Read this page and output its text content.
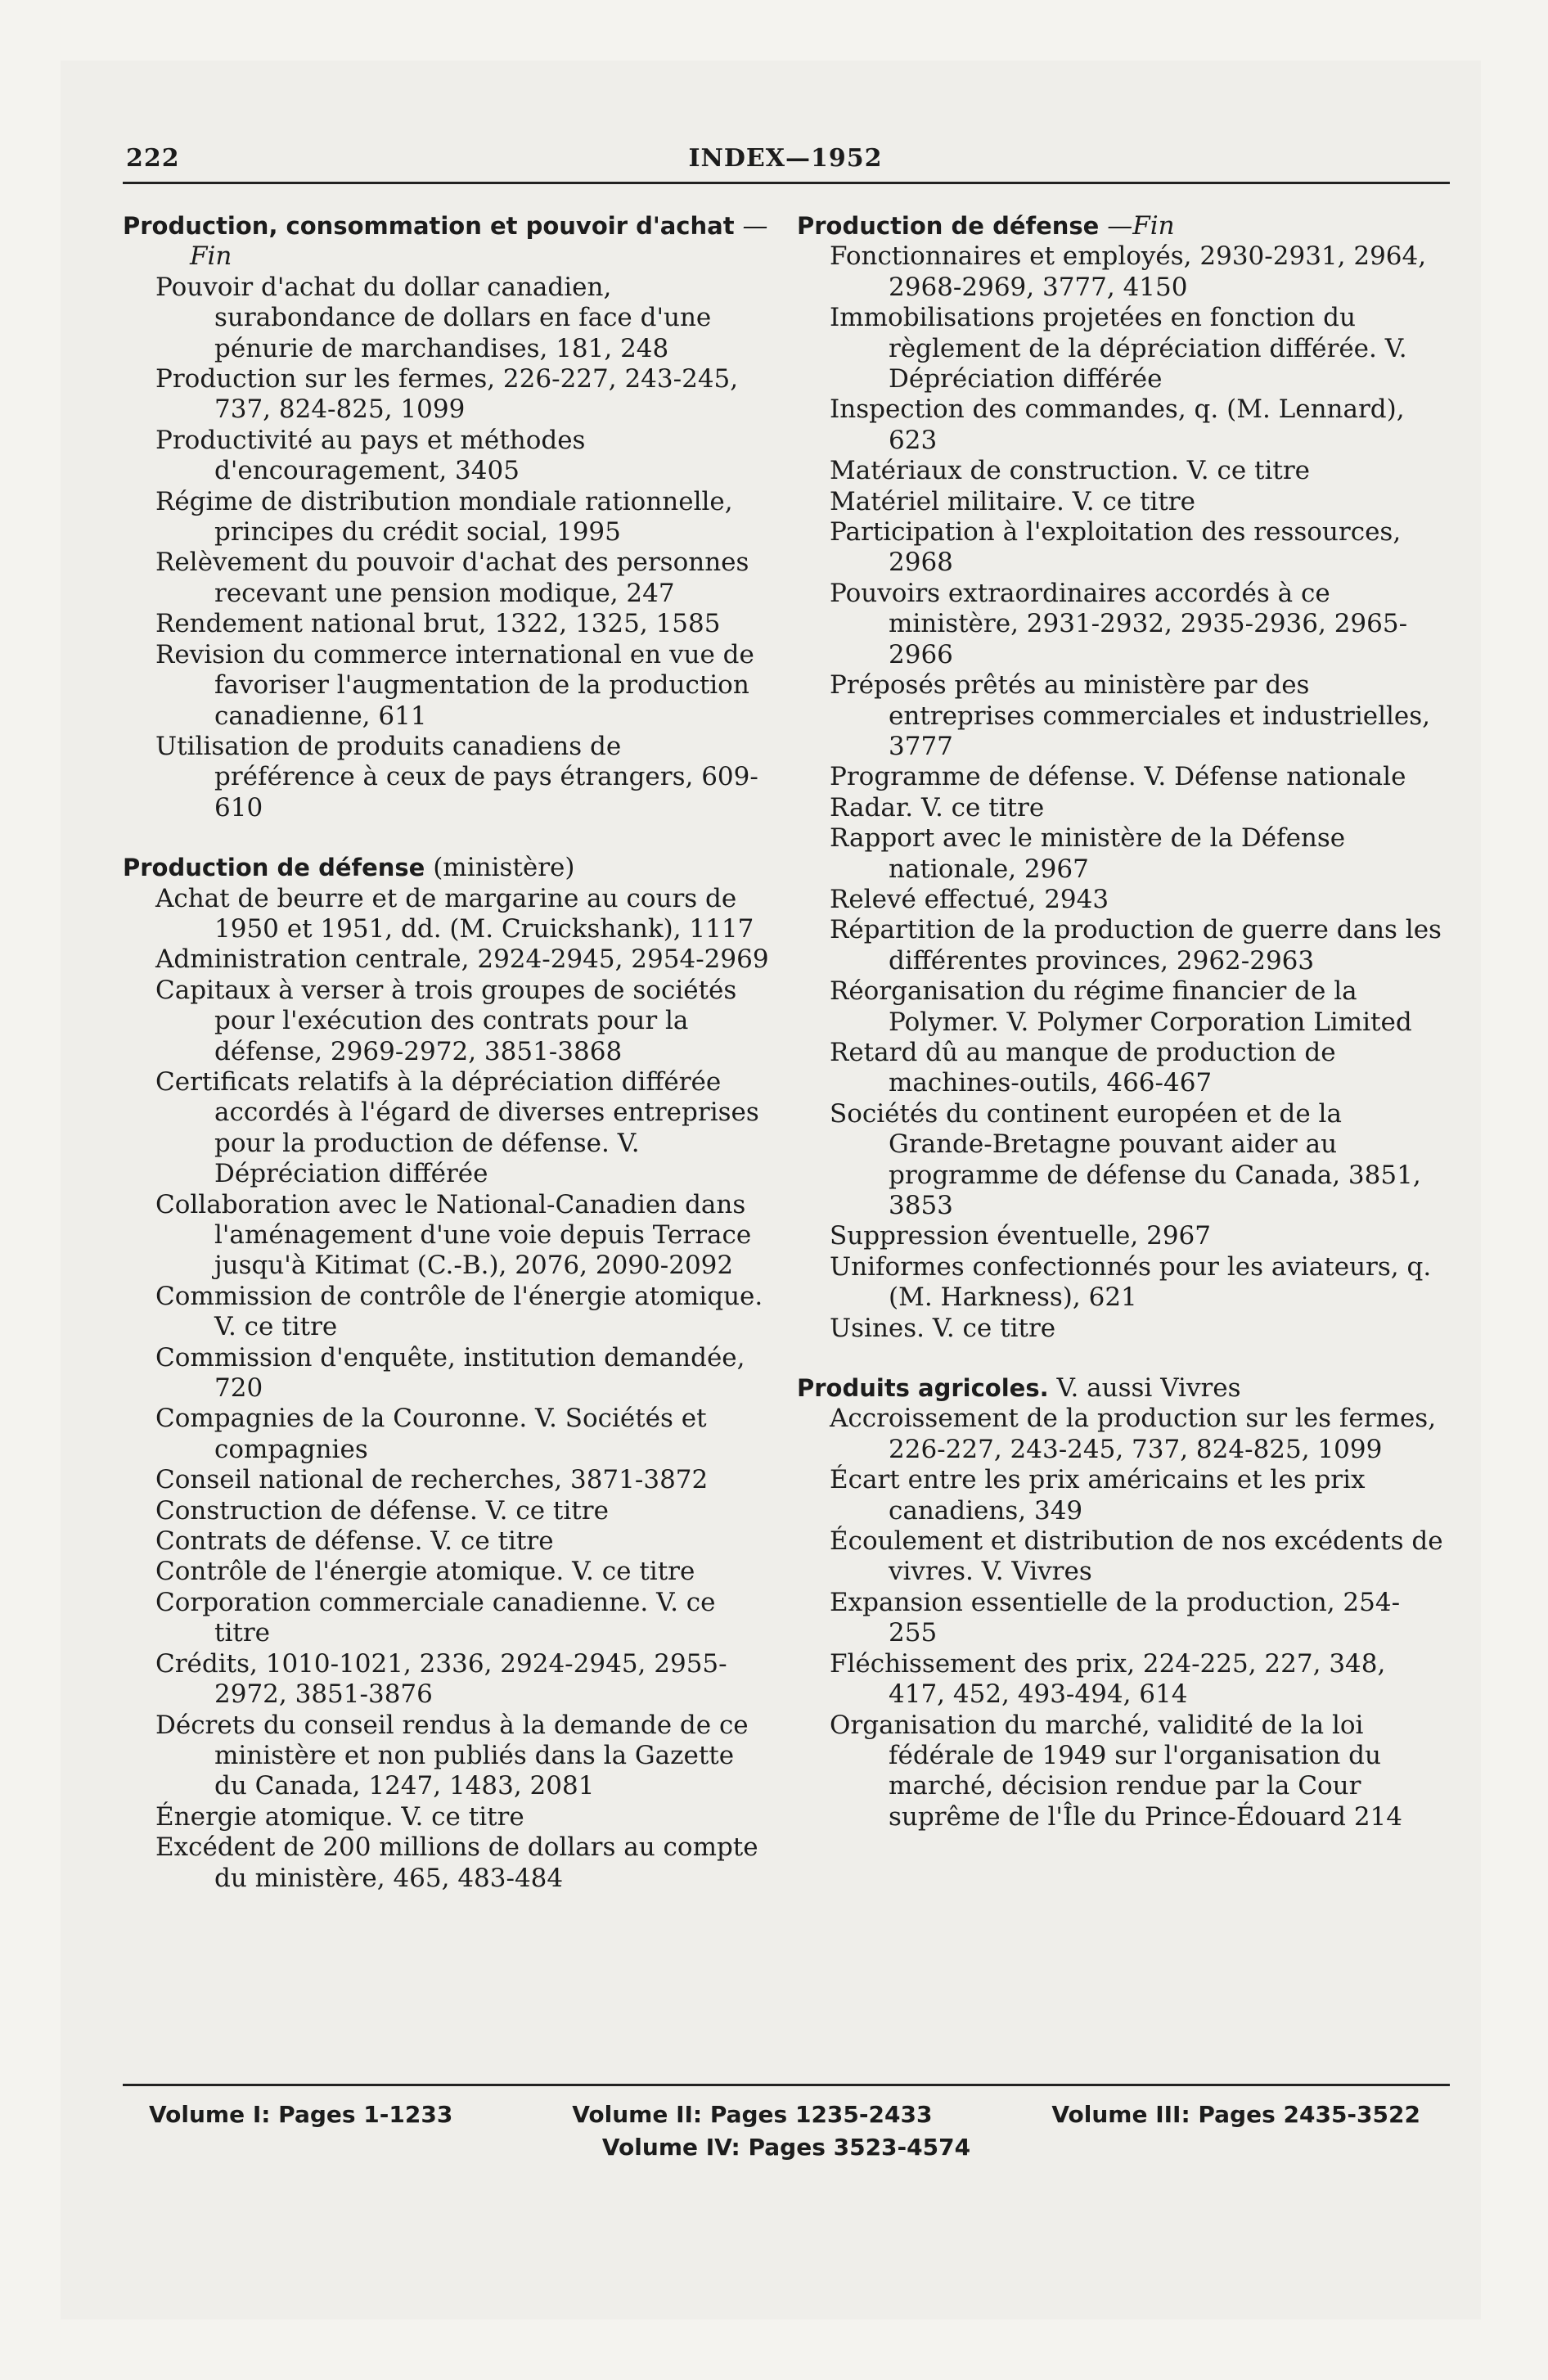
222	INDEX—1952

Production, consommation et pouvoir d'achat —Fin

Pouvoir d'achat du dollar canadien, surabondance de dollars en face d'une pénurie de marchandises, 181, 248

Production sur les fermes, 226-227, 243-245, 737, 824-825, 1099

Productivité au pays et méthodes d'encouragement, 3405

Régime de distribution mondiale rationnelle, principes du crédit social, 1995

Relèvement du pouvoir d'achat des personnes recevant une pension modique, 247

Rendement national brut, 1322, 1325, 1585

Revision du commerce international en vue de favoriser l'augmentation de la production canadienne, 611

Utilisation de produits canadiens de préférence à ceux de pays étrangers, 609-610

Production de défense (ministère)

Achat de beurre et de margarine au cours de 1950 et 1951, dd. (M. Cruickshank), 1117

Administration centrale, 2924-2945, 2954-2969

Capitaux à verser à trois groupes de sociétés pour l'exécution des contrats pour la défense, 2969-2972, 3851-3868

Certificats relatifs à la dépréciation différée accordés à l'égard de diverses entreprises pour la production de défense. V. Dépréciation différée

Collaboration avec le National-Canadien dans l'aménagement d'une voie depuis Terrace jusqu'à Kitimat (C.-B.), 2076, 2090-2092

Commission de contrôle de l'énergie atomique. V. ce titre

Commission d'enquête, institution demandée, 720

Compagnies de la Couronne. V. Sociétés et compagnies

Conseil national de recherches, 3871-3872

Construction de défense. V. ce titre

Contrats de défense. V. ce titre

Contrôle de l'énergie atomique. V. ce titre

Corporation commerciale canadienne. V. ce titre

Crédits, 1010-1021, 2336, 2924-2945, 2955-2972, 3851-3876

Décrets du conseil rendus à la demande de ce ministère et non publiés dans la Gazette du Canada, 1247, 1483, 2081

Énergie atomique. V. ce titre

Excédent de 200 millions de dollars au compte du ministère, 465, 483-484

Production de défense —Fin

Fonctionnaires et employés, 2930-2931, 2964, 2968-2969, 3777, 4150

Immobilisations projetées en fonction du règlement de la dépréciation différée. V. Dépréciation différée

Inspection des commandes, q. (M. Lennard), 623

Matériaux de construction. V. ce titre

Matériel militaire. V. ce titre

Participation à l'exploitation des ressources, 2968

Pouvoirs extraordinaires accordés à ce ministère, 2931-2932, 2935-2936, 2965-2966

Préposés prêtés au ministère par des entreprises commerciales et industrielles, 3777

Programme de défense. V. Défense nationale

Radar. V. ce titre

Rapport avec le ministère de la Défense nationale, 2967

Relevé effectué, 2943

Répartition de la production de guerre dans les différentes provinces, 2962-2963

Réorganisation du régime financier de la Polymer. V. Polymer Corporation Limited

Retard dû au manque de production de machines-outils, 466-467

Sociétés du continent européen et de la Grande-Bretagne pouvant aider au programme de défense du Canada, 3851, 3853

Suppression éventuelle, 2967

Uniformes confectionnés pour les aviateurs, q. (M. Harkness), 621

Usines. V. ce titre

Produits agricoles. V. aussi Vivres

Accroissement de la production sur les fermes, 226-227, 243-245, 737, 824-825, 1099

Écart entre les prix américains et les prix canadiens, 349

Écoulement et distribution de nos excédents de vivres. V. Vivres

Expansion essentielle de la production, 254-255

Fléchissement des prix, 224-225, 227, 348, 417, 452, 493-494, 614

Organisation du marché, validité de la loi fédérale de 1949 sur l'organisation du marché, décision rendue par la Cour suprême de l'Île du Prince-Édouard 214

Volume I: Pages 1-1233	Volume II: Pages 1235-2433	Volume III: Pages 2435-3522
Volume IV: Pages 3523-4574
